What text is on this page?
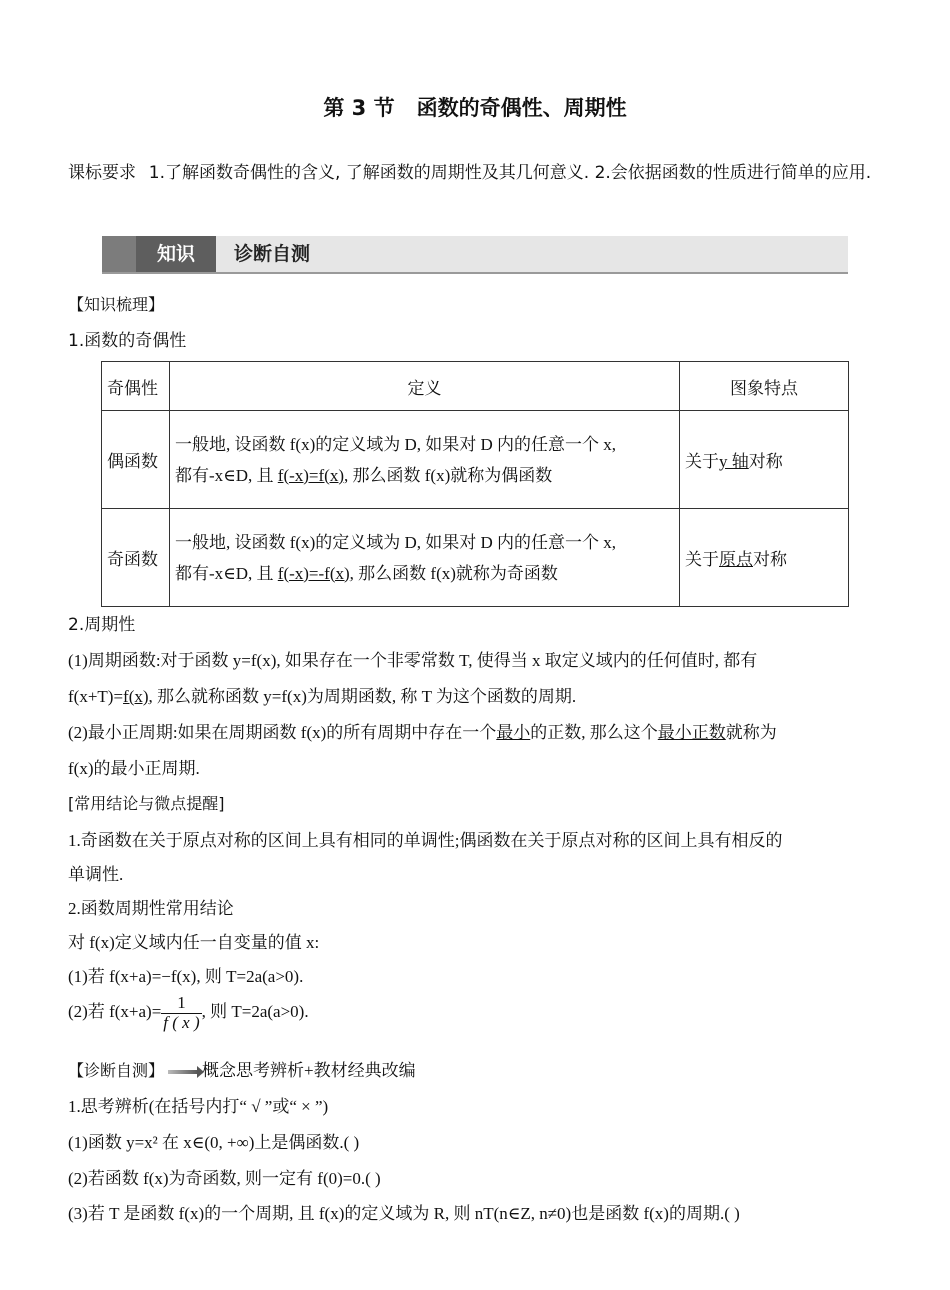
第 3 节 函数的奇偶性、周期性
课标要求 1.了解函数奇偶性的含义, 了解函数的周期性及其几何意义. 2.会依据函数的性质进行简单的应用.
知识	诊断自测
【知识梳理】
1.函数的奇偶性
奇偶性	定义	图象特点
偶函数	一般地, 设函数 f(x)的定义域为 D, 如果对 D 内的任意一个 x,
都有-x∈D, 且 f(-x)=f(x), 那么函数 f(x)就称为偶函数	关于y 轴对称
奇函数	一般地, 设函数 f(x)的定义域为 D, 如果对 D 内的任意一个 x,
都有-x∈D, 且 f(-x)=-f(x), 那么函数 f(x)就称为奇函数	关于原点对称
2.周期性
(1)周期函数:对于函数 y=f(x), 如果存在一个非零常数 T, 使得当 x 取定义域内的任何值时, 都有
f(x+T)=f(x), 那么就称函数 y=f(x)为周期函数, 称 T 为这个函数的周期.
(2)最小正周期:如果在周期函数 f(x)的所有周期中存在一个最小的正数, 那么这个最小正数就称为
f(x)的最小正周期.
[常用结论与微点提醒]
1.奇函数在关于原点对称的区间上具有相同的单调性;偶函数在关于原点对称的区间上具有相反的
单调性.
2.函数周期性常用结论
对 f(x)定义域内任一自变量的值 x:
(1)若 f(x+a)=−f(x), 则 T=2a(a>0).
(2)若 $f(x+a)= \frac{1}{f ( x )}$ , 则 T=2a(a>0).
【诊断自测】 概念思考辨析+教材经典改编
1.思考辨析(在括号内打“ √ ”或“ × ”)
(1)函数 y=x² 在 x∈(0, +∞)上是偶函数.( )
(2)若函数 f(x)为奇函数, 则一定有 f(0)=0.( )
(3)若 T 是函数 f(x)的一个周期, 且 f(x)的定义域为 R, 则 nT(n∈Z, n≠0)也是函数 f(x)的周期.( )
